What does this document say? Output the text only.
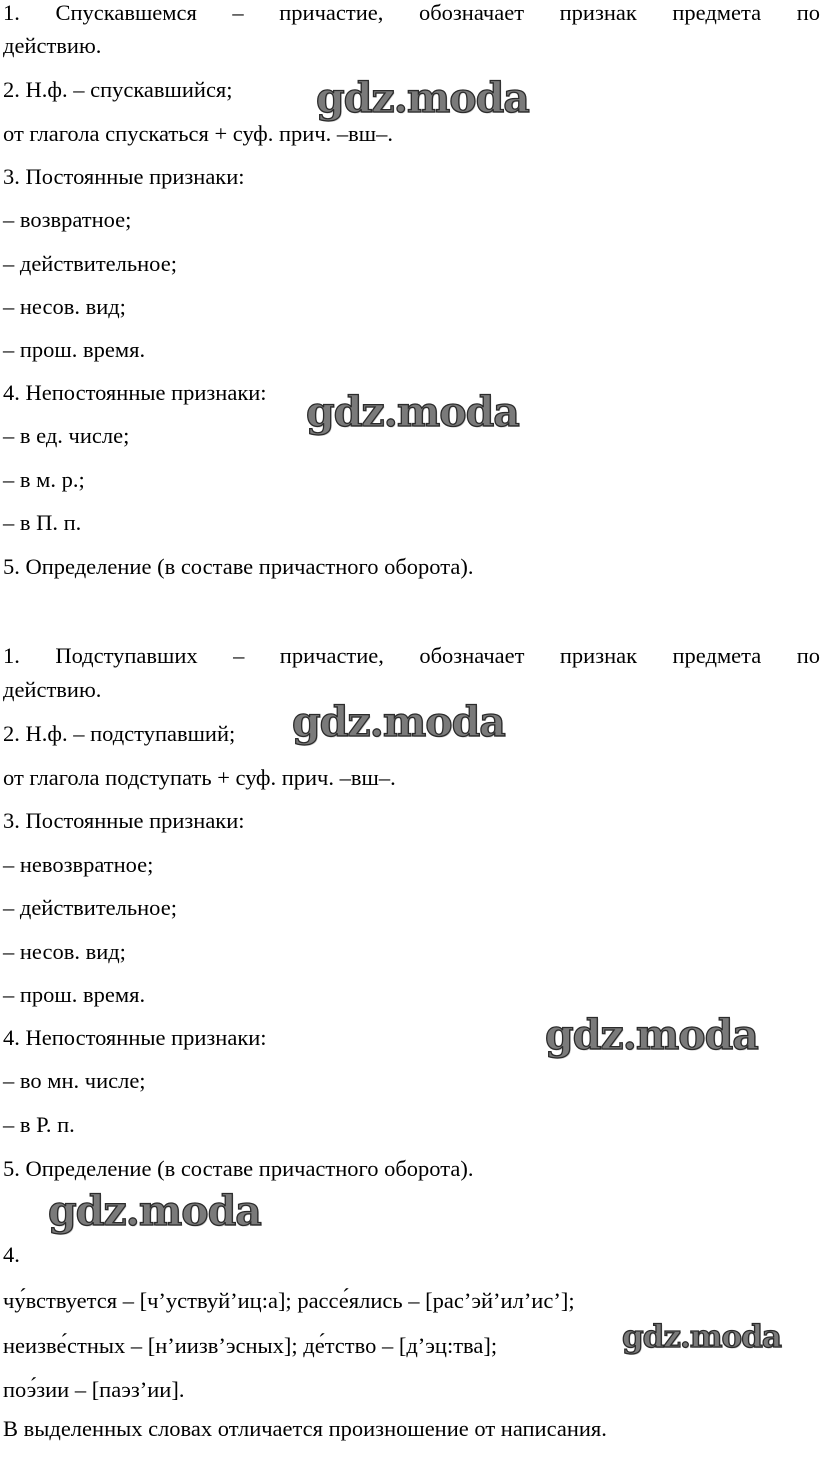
1. Спускавшемся – причастие, обозначает признак предмета по
действию.
2. Н.ф. – спускавшийся;
от глагола спускаться + суф. прич. –вш–.
3. Постоянные признаки:
– возвратное;
– действительное;
– несов. вид;
– прош. время.
4. Непостоянные признаки:
– в ед. числе;
– в м. р.;
– в П. п.
5. Определение (в составе причастного оборота).
1. Подступавших – причастие, обозначает признак предмета по
действию.
2. Н.ф. – подступавший;
от глагола подступать + суф. прич. –вш–.
3. Постоянные признаки:
– невозвратное;
– действительное;
– несов. вид;
– прош. время.
4. Непостоянные признаки:
– во мн. числе;
– в Р. п.
5. Определение (в составе причастного оборота).
4.
чу́вствуется – [ч’уствуй’иц:а]; рассе́ялись – [рас’эй’ил’ис’];
неизве́стных – [н’иизв’эсных]; де́тство – [д’эц:тва];
поэ́зии – [паэз’ии].
В выделенных словах отличается произношение от написания.
gdz.moda
gdz.moda
gdz.moda
gdz.moda
gdz.moda
gdz.moda
